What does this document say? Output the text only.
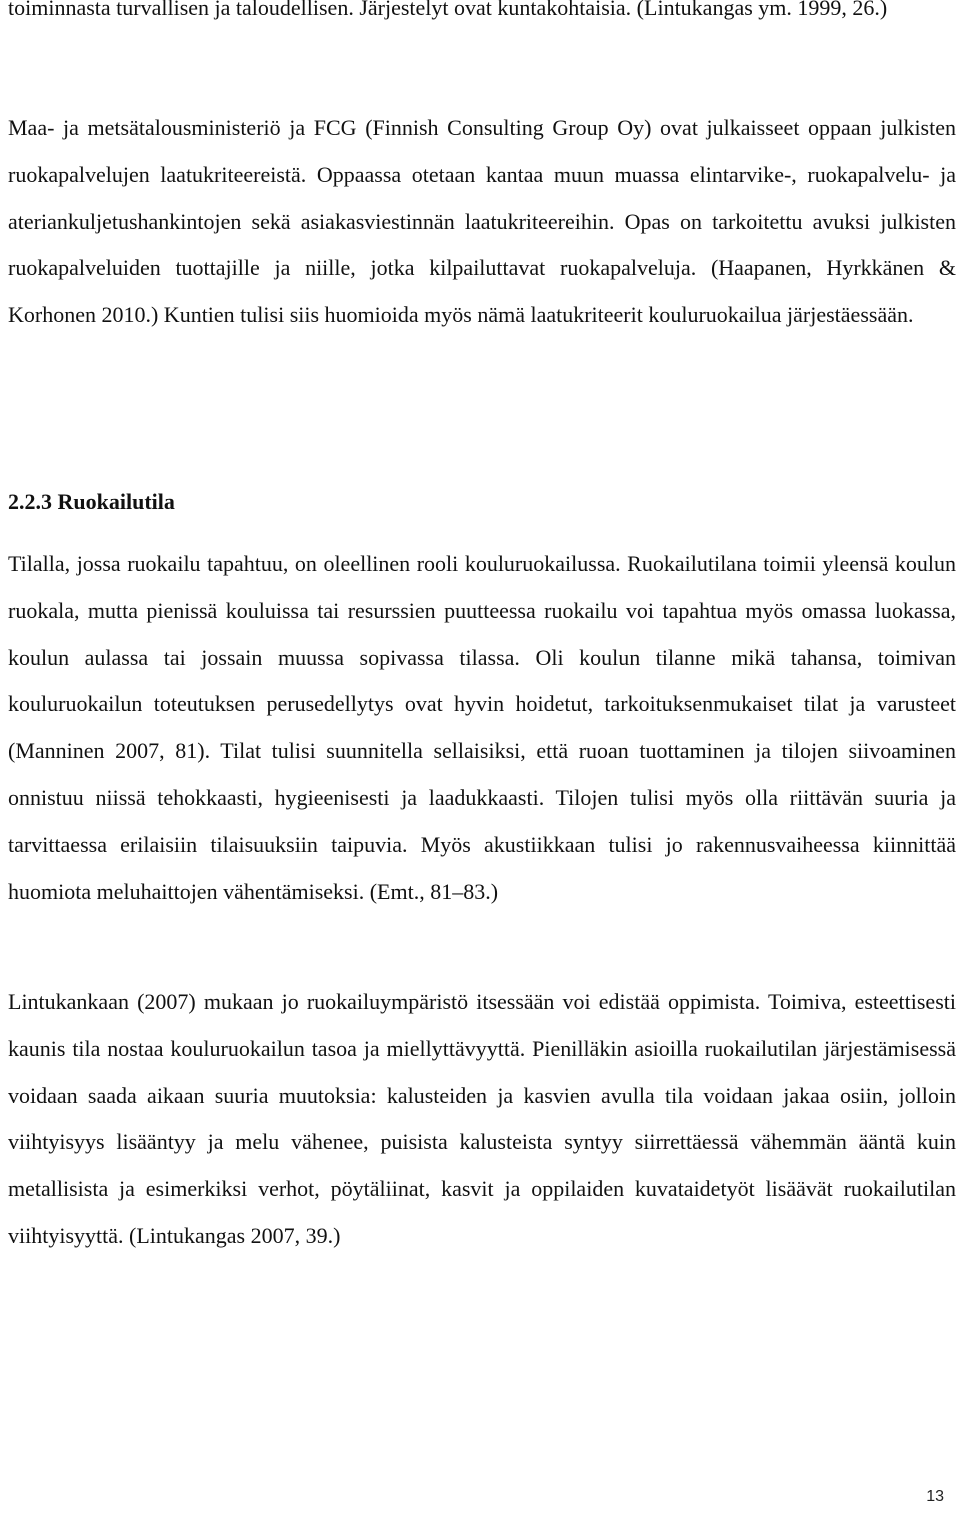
toiminnasta turvallisen ja taloudellisen. Järjestelyt ovat kuntakohtaisia. (Lintukangas ym. 1999, 26.)

Maa- ja metsätalousministeriö ja FCG (Finnish Consulting Group Oy) ovat julkaisseet oppaan julkisten ruokapalvelujen laatukriteereistä. Oppaassa otetaan kantaa muun muassa elintarvike-, ruokapalvelu- ja ateriankuljetushankintojen sekä asiakasviestinnän laatukriteereihin. Opas on tarkoitettu avuksi julkisten ruokapalveluiden tuottajille ja niille, jotka kilpailuttavat ruokapalveluja. (Haapanen, Hyrkkänen & Korhonen 2010.) Kuntien tulisi siis huomioida myös nämä laatukriteerit kouluruokailua järjestäessään.

2.2.3 Ruokailutila

Tilalla, jossa ruokailu tapahtuu, on oleellinen rooli kouluruokailussa. Ruokailutilana toimii yleensä koulun ruokala, mutta pienissä kouluissa tai resurssien puutteessa ruokailu voi tapahtua myös omassa luokassa, koulun aulassa tai jossain muussa sopivassa tilassa. Oli koulun tilanne mikä tahansa, toimivan kouluruokailun toteutuksen perusedellytys ovat hyvin hoidetut, tarkoituksenmukaiset tilat ja varusteet (Manninen 2007, 81). Tilat tulisi suunnitella sellaisiksi, että ruoan tuottaminen ja tilojen siivoaminen onnistuu niissä tehokkaasti, hygieenisesti ja laadukkaasti. Tilojen tulisi myös olla riittävän suuria ja tarvittaessa erilaisiin tilaisuuksiin taipuvia. Myös akustiikkaan tulisi jo rakennusvaiheessa kiinnittää huomiota meluhaittojen vähentämiseksi. (Emt., 81–83.)

Lintukankaan (2007) mukaan jo ruokailuympäristö itsessään voi edistää oppimista. Toimiva, esteettisesti kaunis tila nostaa kouluruokailun tasoa ja miellyttävyyttä. Pienilläkin asioilla ruokailutilan järjestämisessä voidaan saada aikaan suuria muutoksia: kalusteiden ja kasvien avulla tila voidaan jakaa osiin, jolloin viihtyisyys lisääntyy ja melu vähenee, puisista kalusteista syntyy siirrettäessä vähemmän ääntä kuin metallisista ja esimerkiksi verhot, pöytäliinat, kasvit ja oppilaiden kuvataidetyöt lisäävät ruokailutilan viihtyisyyttä. (Lintukangas 2007, 39.)

13
